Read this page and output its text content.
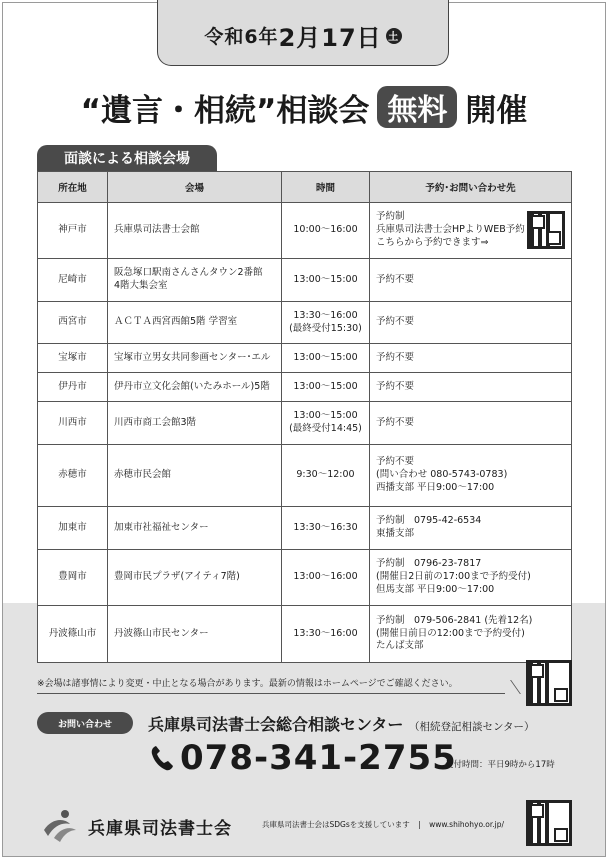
令和6年 2月17日 土
“遺言・相続”相談会 無料 開催
面談による相談会場
所在地	会場	時間	予約･お問い合わせ先
神戸市	兵庫県司法書士会館	10:00～16:00	予約制
兵庫県司法書士会HPよりWEB予約
こちらから予約できます⇒

尼崎市	阪急塚口駅南さんさんタウン2番館
4階大集会室	13:00～15:00	予約不要

西宮市	ＡＣＴＡ西宮西館5階 学習室	13:30～16:00
(最終受付15:30)	予約不要

宝塚市	宝塚市立男女共同参画センター･エル	13:00～15:00	予約不要

伊丹市	伊丹市立文化会館(いたみホール)5階	13:00～15:00	予約不要

川西市	川西市商工会館3階	13:00～15:00
(最終受付14:45)	予約不要

赤穂市	赤穂市民会館	9:30～12:00	予約不要
(問い合わせ 080-5743-0783)
西播支部 平日9:00～17:00

加東市	加東市社福祉センター	13:30～16:30	予約制　0795-42-6534
東播支部

豊岡市	豊岡市民プラザ(アイティ7階)	13:00～16:00	予約制　0796-23-7817
(開催日2日前の17:00まで予約受付)
但馬支部 平日9:00～17:00

丹波篠山市	丹波篠山市民センター	13:30～16:00	予約制　079-506-2841 (先着12名)
(開催日前日の12:00まで予約受付)
たんば支部
※会場は諸事情により変更・中止となる場合があります。最新の情報はホームページでご確認ください。
お問い合わせ	兵庫県司法書士会総合相談センター （相続登記相談センター）
078-341-2755
受付時間：平日9時から17時
兵庫県司法書士会	兵庫県司法書士会はSDGsを支援しています | www.shihohyo.or.jp/
